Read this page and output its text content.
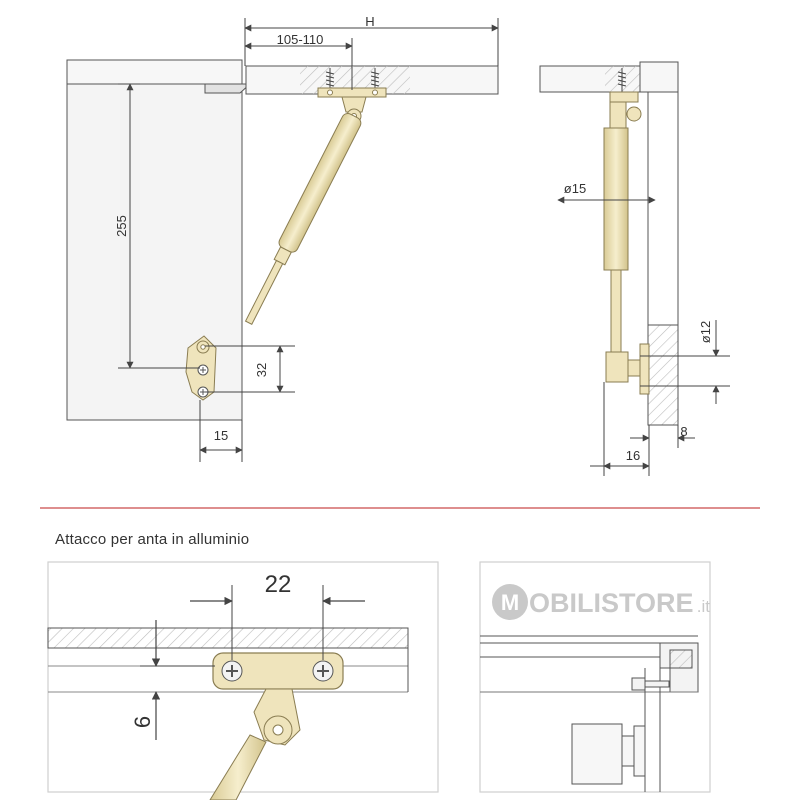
H
105-110
255
32
15
ø15
ø12
8
16
22
6
M OBILISTORE .it
Attacco per anta in alluminio
